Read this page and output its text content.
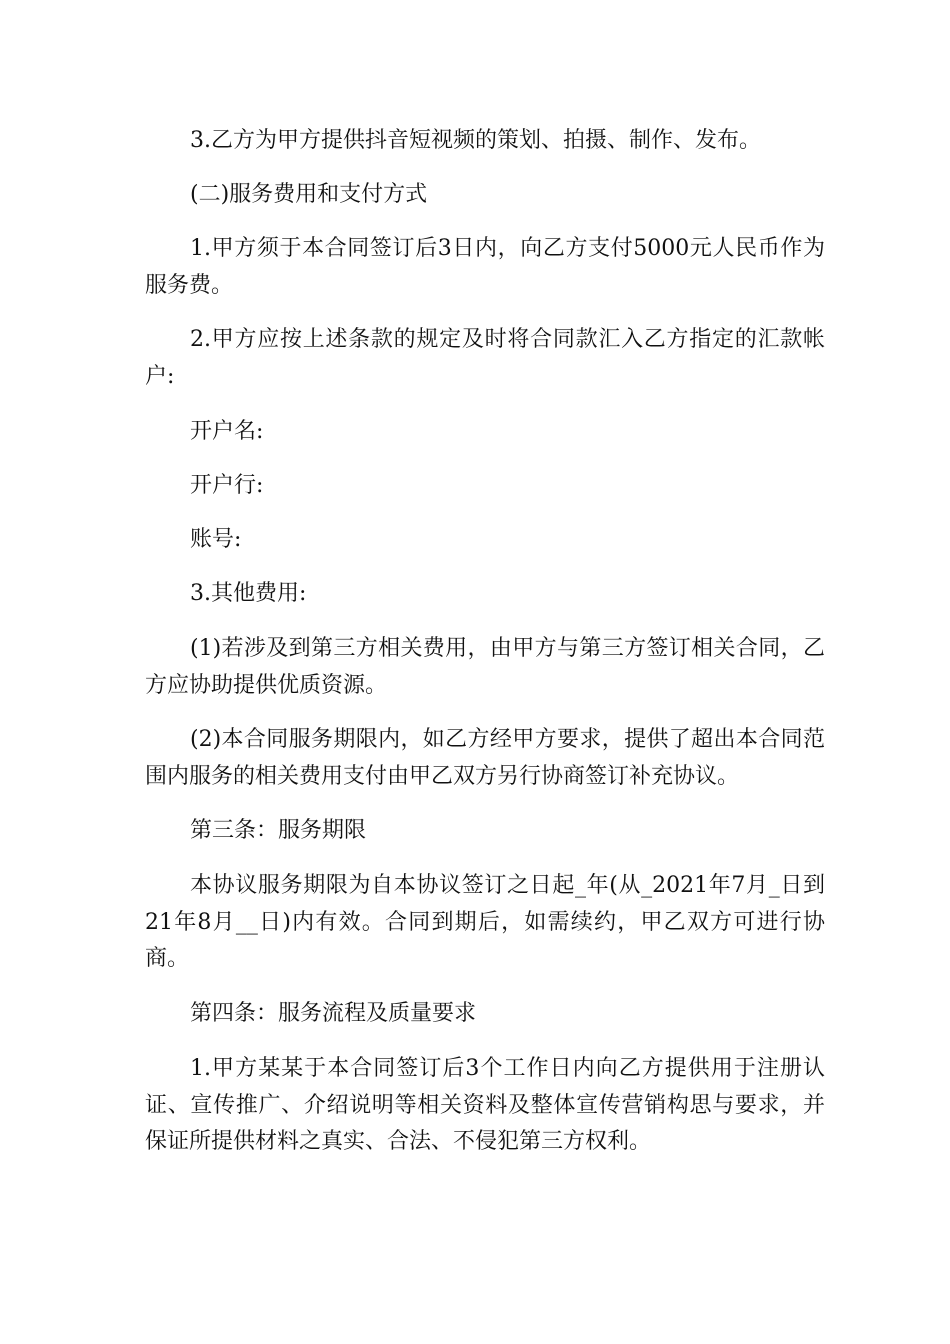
3.乙方为甲方提供抖音短视频的策划、拍摄、制作、发布。

(二)服务费用和支付方式

1.甲方须于本合同签订后3日内，向乙方支付5000元人民币作为服务费。

2.甲方应按上述条款的规定及时将合同款汇入乙方指定的汇款帐户:

开户名:

开户行:

账号:

3.其他费用:

(1)若涉及到第三方相关费用，由甲方与第三方签订相关合同，乙方应协助提供优质资源。

(2)本合同服务期限内，如乙方经甲方要求，提供了超出本合同范围内服务的相关费用支付由甲乙双方另行协商签订补充协议。

第三条：服务期限

本协议服务期限为自本协议签订之日起_年(从_2021年7月_日到21年8月__日)内有效。合同到期后，如需续约，甲乙双方可进行协商。

第四条：服务流程及质量要求

1.甲方某某于本合同签订后3个工作日内向乙方提供用于注册认证、宣传推广、介绍说明等相关资料及整体宣传营销构思与要求，并保证所提供材料之真实、合法、不侵犯第三方权利。
